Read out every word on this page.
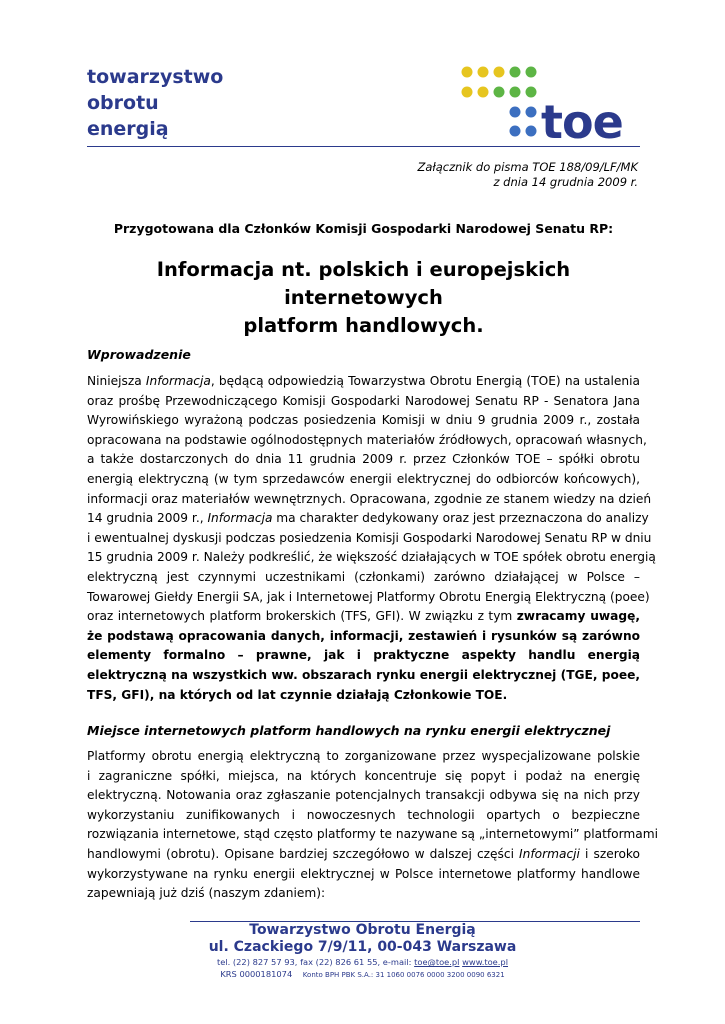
towarzystwo
obrotu
energią	toe
Załącznik do pisma TOE 188/09/LF/MK
z dnia 14 grudnia 2009 r.
Przygotowana dla Członków Komisji Gospodarki Narodowej Senatu RP:
Informacja nt. polskich i europejskich internetowych
platform handlowych.
Wprowadzenie

Niniejsza Informacja, będącą odpowiedzią Towarzystwa Obrotu Energią (TOE) na ustalenia
oraz prośbę Przewodniczącego Komisji Gospodarki Narodowej Senatu RP - Senatora Jana
Wyrowińskiego wyrażoną podczas posiedzenia Komisji w dniu 9 grudnia 2009 r., została
opracowana na podstawie ogólnodostępnych materiałów źródłowych, opracowań własnych,
a także dostarczonych do dnia 11 grudnia 2009 r. przez Członków TOE – spółki obrotu
energią elektryczną (w tym sprzedawców energii elektrycznej do odbiorców końcowych),
informacji oraz materiałów wewnętrznych. Opracowana, zgodnie ze stanem wiedzy na dzień
14 grudnia 2009 r., Informacja ma charakter dedykowany oraz jest przeznaczona do analizy
i ewentualnej dyskusji podczas posiedzenia Komisji Gospodarki Narodowej Senatu RP w dniu
15 grudnia 2009 r. Należy podkreślić, że większość działających w TOE spółek obrotu energią
elektryczną jest czynnymi uczestnikami (członkami) zarówno działającej w Polsce –
Towarowej Giełdy Energii SA, jak i Internetowej Platformy Obrotu Energią Elektryczną (poee)
oraz internetowych platform brokerskich (TFS, GFI). W związku z tym zwracamy uwagę,
że podstawą opracowania danych, informacji, zestawień i rysunków są zarówno
elementy formalno – prawne, jak i praktyczne aspekty handlu energią
elektryczną na wszystkich ww. obszarach rynku energii elektrycznej (TGE, poee,
TFS, GFI), na których od lat czynnie działają Członkowie TOE.

Miejsce internetowych platform handlowych na rynku energii elektrycznej

Platformy obrotu energią elektryczną to zorganizowane przez wyspecjalizowane polskie
i zagraniczne spółki, miejsca, na których koncentruje się popyt i podaż na energię
elektryczną. Notowania oraz zgłaszanie potencjalnych transakcji odbywa się na nich przy
wykorzystaniu zunifikowanych i nowoczesnych technologii opartych o bezpieczne
rozwiązania internetowe, stąd często platformy te nazywane są „internetowymi” platformami
handlowymi (obrotu). Opisane bardziej szczegółowo w dalszej części Informacji i szeroko
wykorzystywane na rynku energii elektrycznej w Polsce internetowe platformy handlowe
zapewniają już dziś (naszym zdaniem):

Towarzystwo Obrotu Energią
ul. Czackiego 7/9/11, 00-043 Warszawa
tel. (22) 827 57 93, fax (22) 826 61 55, e-mail: toe@toe.pl www.toe.pl
KRS 0000181074 Konto BPH PBK S.A.: 31 1060 0076 0000 3200 0090 6321
